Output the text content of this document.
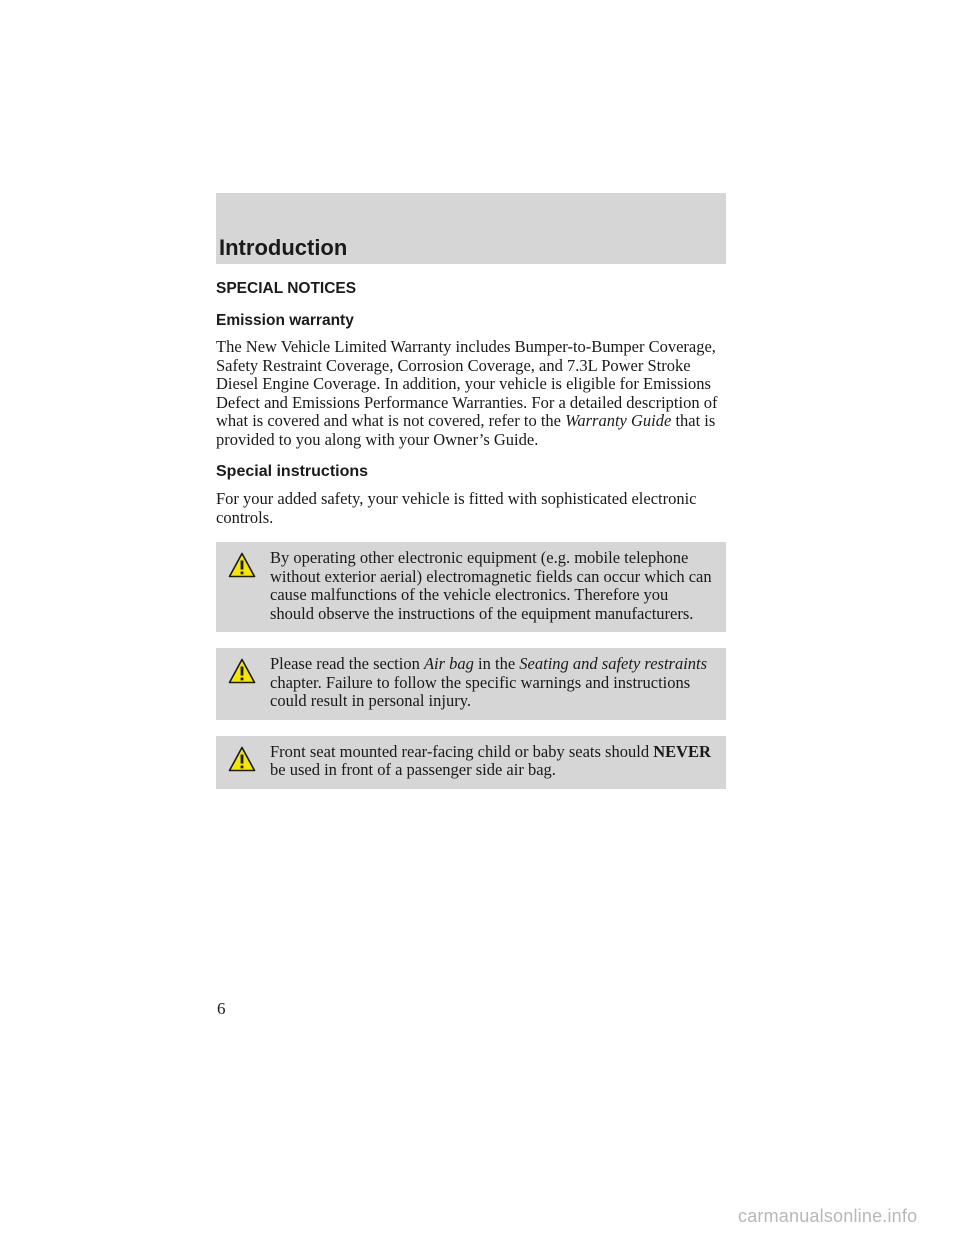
Introduction
SPECIAL NOTICES
Emission warranty

The New Vehicle Limited Warranty includes Bumper-to-Bumper Coverage, Safety Restraint Coverage, Corrosion Coverage, and 7.3L Power Stroke Diesel Engine Coverage. In addition, your vehicle is eligible for Emissions Defect and Emissions Performance Warranties. For a detailed description of what is covered and what is not covered, refer to the Warranty Guide that is provided to you along with your Owner’s Guide.

Special instructions

For your added safety, your vehicle is fitted with sophisticated electronic controls.

By operating other electronic equipment (e.g. mobile telephone without exterior aerial) electromagnetic fields can occur which can cause malfunctions of the vehicle electronics. Therefore you should observe the instructions of the equipment manufacturers.
Please read the section Air bag in the Seating and safety restraints chapter. Failure to follow the specific warnings and instructions could result in personal injury.
Front seat mounted rear-facing child or baby seats should NEVER be used in front of a passenger side air bag.

6

carmanualsonline.info
